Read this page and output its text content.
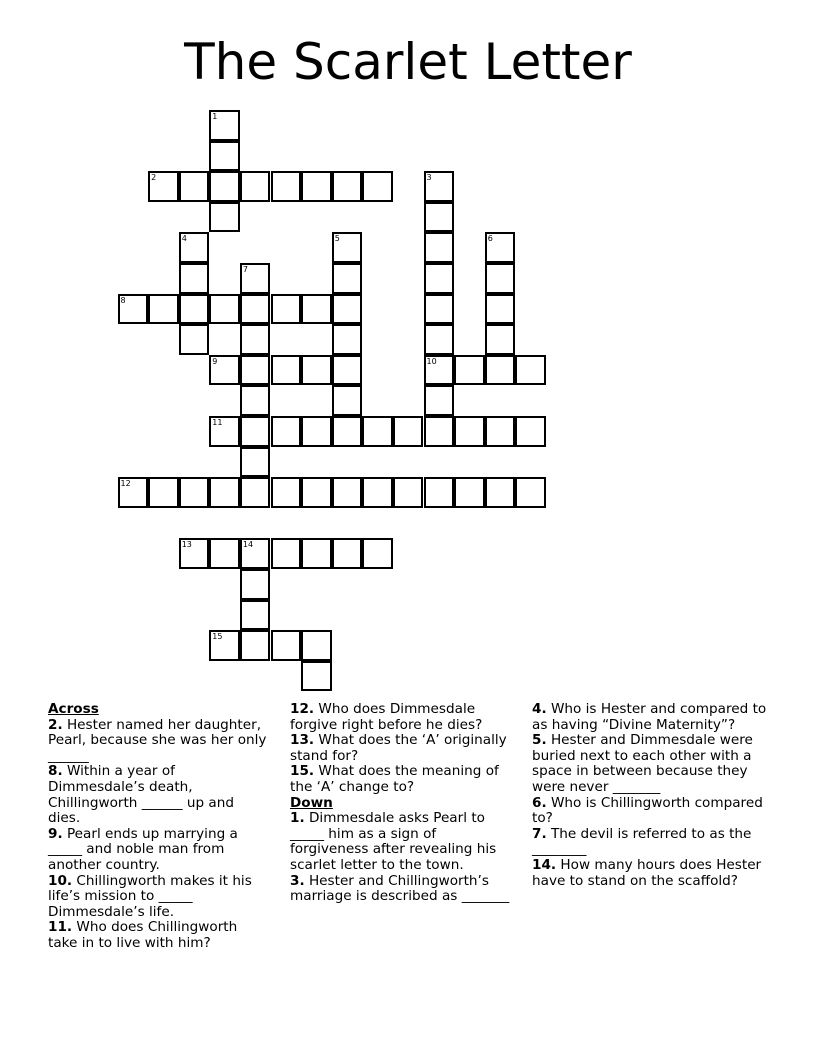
The Scarlet Letter
1
2	3
4	5	6
7
8
9	10
11
12
13	14
15
Across
2. Hester named her daughter, Pearl, because she was her only ______
8. Within a year of Dimmesdale’s death, Chillingworth ______ up and dies.
9. Pearl ends up marrying a _____ and noble man from another country.
10. Chillingworth makes it his life’s mission to _____ Dimmesdale’s life.
11. Who does Chillingworth take in to live with him?
12. Who does Dimmesdale forgive right before he dies?
13. What does the ‘A’ originally stand for?
15. What does the meaning of the ‘A’ change to?
Down
1. Dimmesdale asks Pearl to _____ him as a sign of forgiveness after revealing his scarlet letter to the town.
3. Hester and Chillingworth’s marriage is described as _______
4. Who is Hester and compared to as having “Divine Maternity”?
5. Hester and Dimmesdale were buried next to each other with a space in between because they were never _______
6. Who is Chillingworth compared to?
7. The devil is referred to as the ________
14. How many hours does Hester have to stand on the scaffold?
